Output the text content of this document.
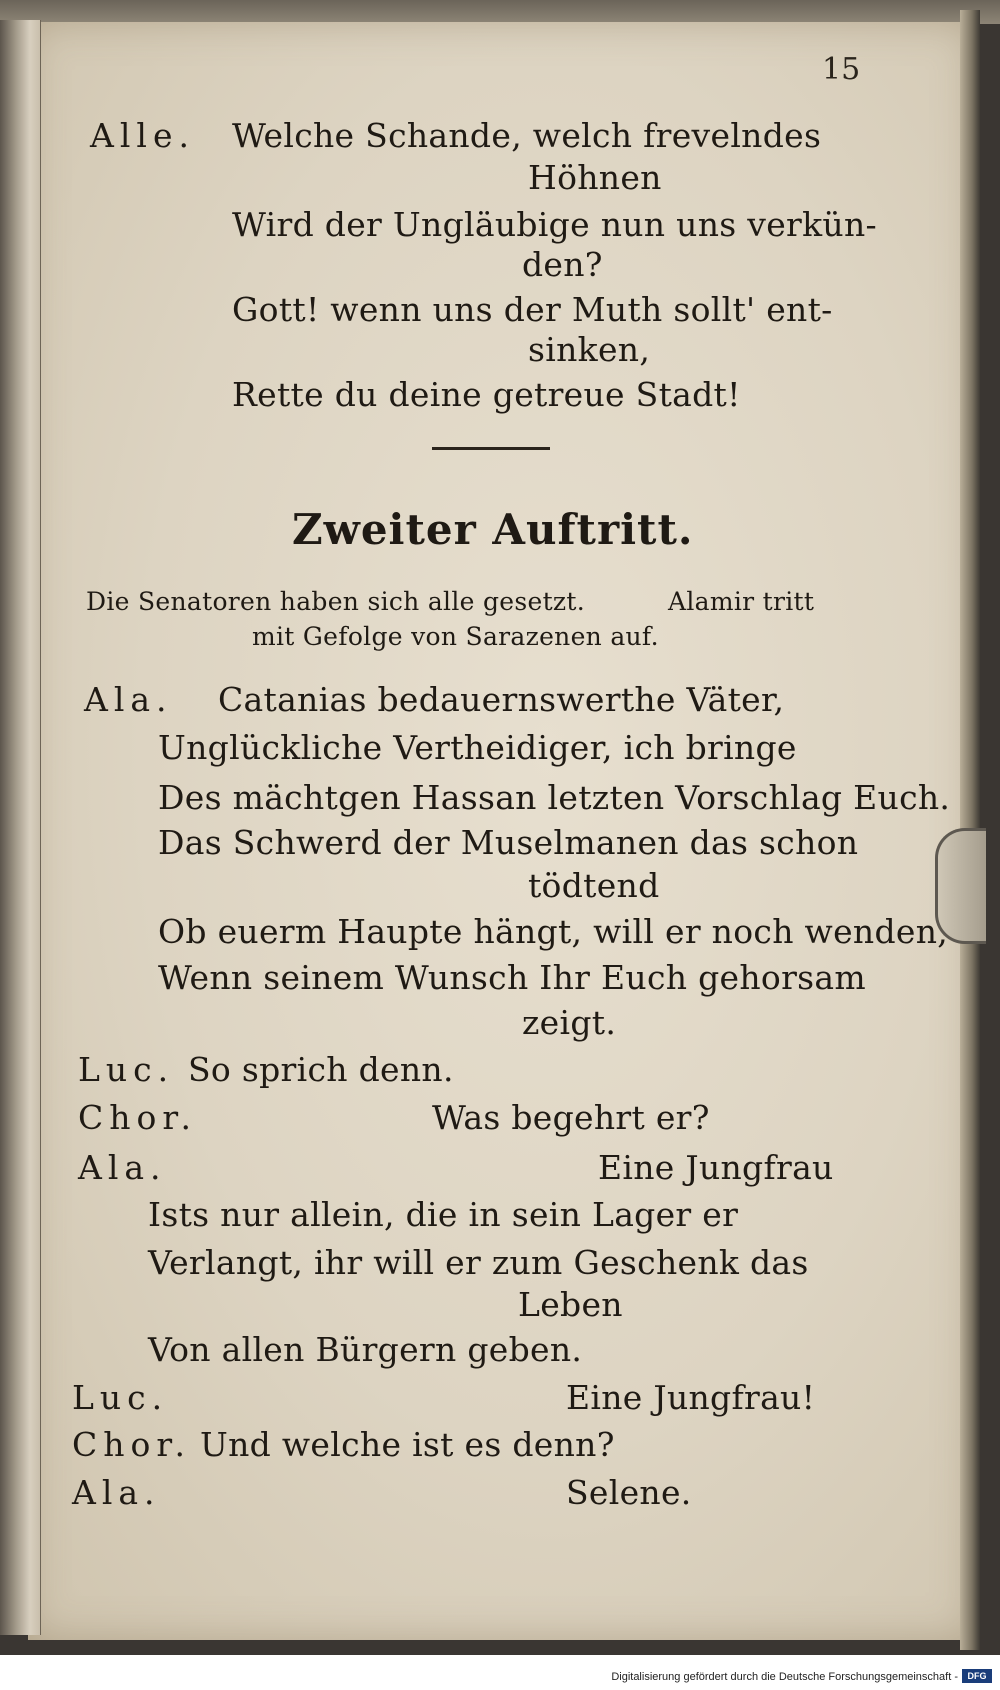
15
Alle. Welche Schande, welch frevelndes
Höhnen
Wird der Ungläubige nun uns verkün-
den?
Gott! wenn uns der Muth sollt' ent-
sinken,
Rette du deine getreue Stadt!
Zweiter Auftritt.
Die Senatoren haben sich alle gesetzt.	Alamir tritt
mit Gefolge von Sarazenen auf.
Ala. Catanias bedauernswerthe Väter,
Unglückliche Vertheidiger, ich bringe
Des mächtgen Hassan letzten Vorschlag Euch.
Das Schwerd der Muselmanen das schon
tödtend
Ob euerm Haupte hängt, will er noch wenden,
Wenn seinem Wunsch Ihr Euch gehorsam
zeigt.
Luc. So sprich denn.
Chor.	Was begehrt er?
Ala.	Eine Jungfrau
Ists nur allein, die in sein Lager er
Verlangt, ihr will er zum Geschenk das
Leben
Von allen Bürgern geben.
Luc.	Eine Jungfrau!
Chor. Und welche ist es denn?
Ala.	Selene.
Digitalisierung gefördert durch die Deutsche Forschungsgemeinschaft -	DFG
